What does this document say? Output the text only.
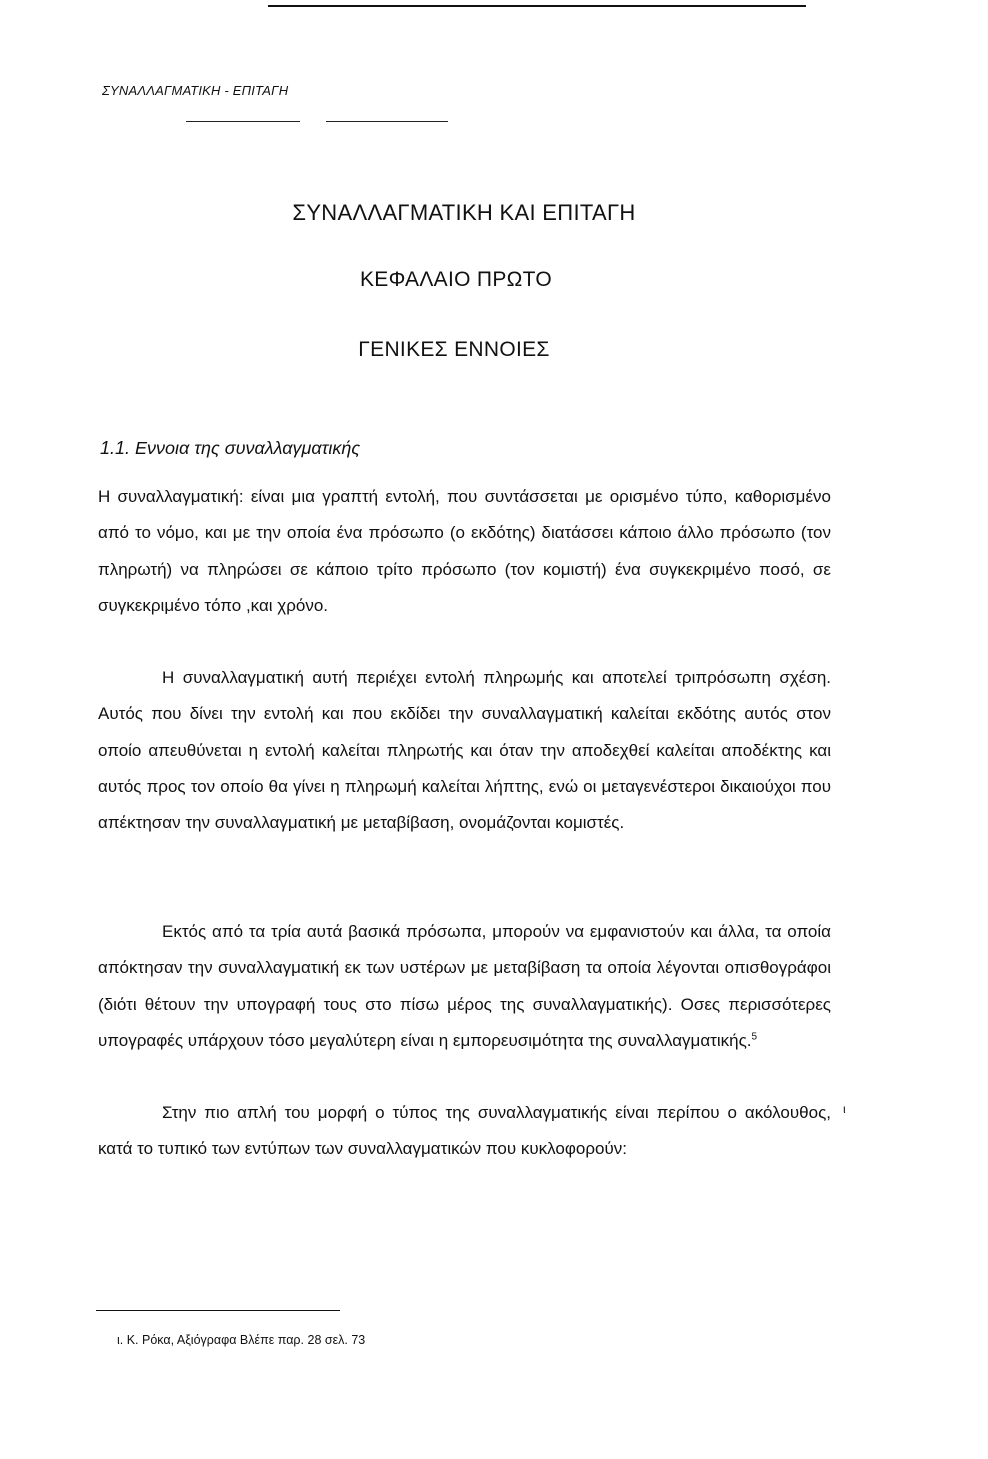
ΣΥΝΑΛΛΑΓΜΑΤΙΚΗ - ΕΠΙΤΑΓΗ
ΣΥΝΑΛΛΑΓΜΑΤΙΚΗ ΚΑΙ ΕΠΙΤΑΓΗ
ΚΕΦΑΛΑΙΟ ΠΡΩΤΟ
ΓΕΝΙΚΕΣ ΕΝΝΟΙΕΣ
1.1. Εννοια της συναλλαγματικής
Η συναλλαγματική: είναι μια γραπτή εντολή, που συντάσσεται με ορισμένο τύπο, καθορισμένο από το νόμο, και με την οποία ένα πρόσωπο (ο εκδότης) διατάσσει κάποιο άλλο πρόσωπο (τον πληρωτή) να πληρώσει σε κάποιο τρίτο πρόσωπο (τον κομιστή) ένα συγκεκριμένο ποσό, σε συγκεκριμένο τόπο ,και χρόνο.
Η συναλλαγματική αυτή περιέχει εντολή πληρωμής και αποτελεί τριπρόσωπη σχέση. Αυτός που δίνει την εντολή και που εκδίδει την συναλλαγματική καλείται εκδότης αυτός στον οποίο απευθύνεται η εντολή καλείται πληρωτής και όταν την αποδεχθεί καλείται αποδέκτης και αυτός προς τον οποίο θα γίνει η πληρωμή καλείται λήπτης, ενώ οι μεταγενέστεροι δικαιούχοι που απέκτησαν την συναλλαγματική με μεταβίβαση, ονομάζονται κομιστές.
Εκτός από τα τρία αυτά βασικά πρόσωπα, μπορούν να εμφανιστούν και άλλα, τα οποία απόκτησαν την συναλλαγματική εκ των υστέρων με μεταβίβαση τα οποία λέγονται οπισθογράφοι (διότι θέτουν την υπογραφή τους στο πίσω μέρος της συναλλαγματικής). Οσες περισσότερες υπογραφές υπάρχουν τόσο μεγαλύτερη είναι η εμπορευσιμότητα της συναλλαγματικής.$^5$
Στην πιο απλή του μορφή ο τύπος της συναλλαγματικής είναι περίπου ο ακόλουθος, κατά το τυπικό των εντύπων των συναλλαγματικών που κυκλοφορούν:
ι
ι. Κ. Ρόκα, Αξιόγραφα Βλέπε παρ. 28 σελ. 73
